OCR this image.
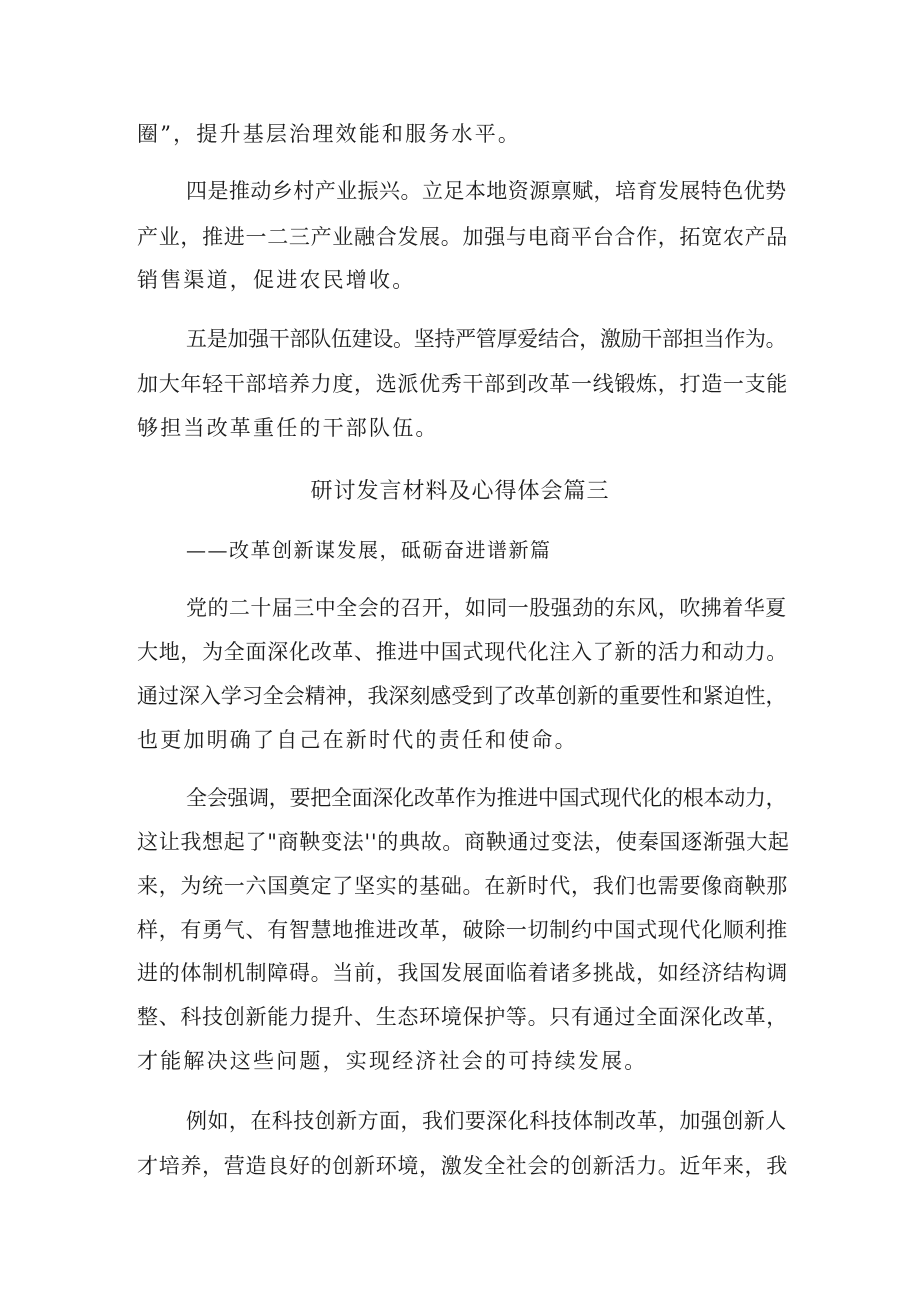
圈”，提升基层治理效能和服务水平。
四是推动乡村产业振兴。立足本地资源禀赋，培育发展特色优势
产业，推进一二三产业融合发展。加强与电商平台合作，拓宽农产品
销售渠道，促进农民增收。
五是加强干部队伍建设。坚持严管厚爱结合，激励干部担当作为。
加大年轻干部培养力度，选派优秀干部到改革一线锻炼，打造一支能
够担当改革重任的干部队伍。
研讨发言材料及心得体会篇三
——改革创新谋发展，砥砺奋进谱新篇
党的二十届三中全会的召开，如同一股强劲的东风，吹拂着华夏
大地，为全面深化改革、推进中国式现代化注入了新的活力和动力。
通过深入学习全会精神，我深刻感受到了改革创新的重要性和紧迫性，
也更加明确了自己在新时代的责任和使命。
全会强调，要把全面深化改革作为推进中国式现代化的根本动力，
这让我想起了"商鞅变法''的典故。商鞅通过变法，使秦国逐渐强大起
来，为统一六国奠定了坚实的基础。在新时代，我们也需要像商鞅那
样，有勇气、有智慧地推进改革，破除一切制约中国式现代化顺利推
进的体制机制障碍。当前，我国发展面临着诸多挑战，如经济结构调
整、科技创新能力提升、生态环境保护等。只有通过全面深化改革，
才能解决这些问题，实现经济社会的可持续发展。
例如，在科技创新方面，我们要深化科技体制改革，加强创新人
才培养，营造良好的创新环境，激发全社会的创新活力。近年来，我
